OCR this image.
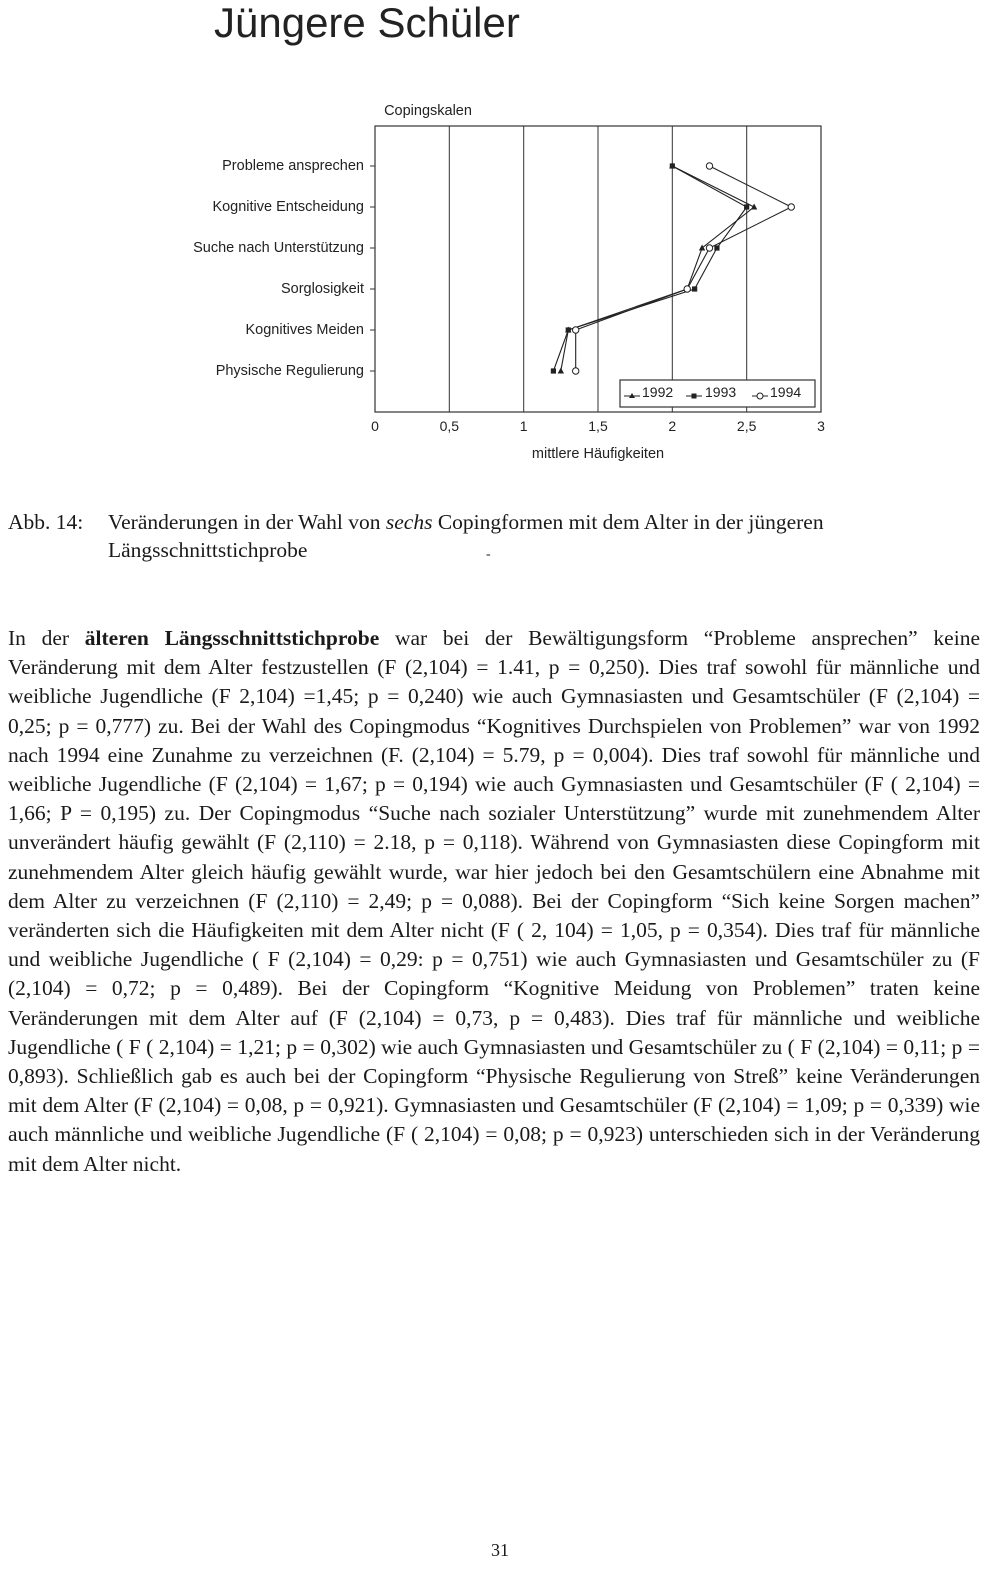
Jüngere Schüler
Copingskalen
Probleme ansprechen
Kognitive Entscheidung
Suche nach Unterstützung
Sorglosigkeit
Kognitives Meiden
Physische Regulierung
0	0,5	1	1,5	2	2,5	3
1992 1993 1994
mittlere Häufigkeiten

Abb. 14: Veränderungen in der Wahl von sechs Copingformen mit dem Alter in der jüngeren
Längsschnittstichprobe	-

In der älteren Längsschnittstichprobe war bei der Bewältigungsform “Probleme ansprechen” keine Veränderung mit dem Alter festzustellen (F (2,104) = 1.41, p = 0,250). Dies traf sowohl für männliche und weibliche Jugendliche (F 2,104) =1,45; p = 0,240) wie auch Gymnasiasten und Gesamtschüler (F (2,104) = 0,25; p = 0,777) zu. Bei der Wahl des Copingmodus “Kognitives Durchspielen von Problemen” war von 1992 nach 1994 eine Zunahme zu verzeichnen (F. (2,104) = 5.79, p = 0,004). Dies traf sowohl für männliche und weibliche Jugendliche (F (2,104) = 1,67; p = 0,194) wie auch Gymnasiasten und Gesamtschüler (F ( 2,104) = 1,66; P = 0,195) zu. Der Copingmodus “Suche nach sozialer Unterstützung” wurde mit zunehmendem Alter unverändert häufig gewählt (F (2,110) = 2.18, p = 0,118). Während von Gymnasiasten diese Copingform mit zunehmendem Alter gleich häufig gewählt wurde, war hier jedoch bei den Gesamtschülern eine Abnahme mit dem Alter zu verzeichnen (F (2,110) = 2,49; p = 0,088). Bei der Copingform “Sich keine Sorgen machen” veränderten sich die Häufigkeiten mit dem Alter nicht (F ( 2, 104) = 1,05, p = 0,354). Dies traf für männliche und weibliche Jugendliche ( F (2,104) = 0,29: p = 0,751) wie auch Gymnasiasten und Gesamtschüler zu (F (2,104) = 0,72; p = 0,489). Bei der Copingform “Kognitive Meidung von Problemen” traten keine Veränderungen mit dem Alter auf (F (2,104) = 0,73, p = 0,483). Dies traf für männliche und weibliche Jugendliche ( F ( 2,104) = 1,21; p = 0,302) wie auch Gymnasiasten und Gesamtschüler zu ( F (2,104) = 0,11; p = 0,893). Schließlich gab es auch bei der Copingform “Physische Regulierung von Streß” keine Veränderungen mit dem Alter (F (2,104) = 0,08, p = 0,921). Gymnasiasten und Gesamtschüler (F (2,104) = 1,09; p = 0,339) wie auch männliche und weibliche Jugendliche (F ( 2,104) = 0,08; p = 0,923) unterschieden sich in der Veränderung mit dem Alter nicht.

31
